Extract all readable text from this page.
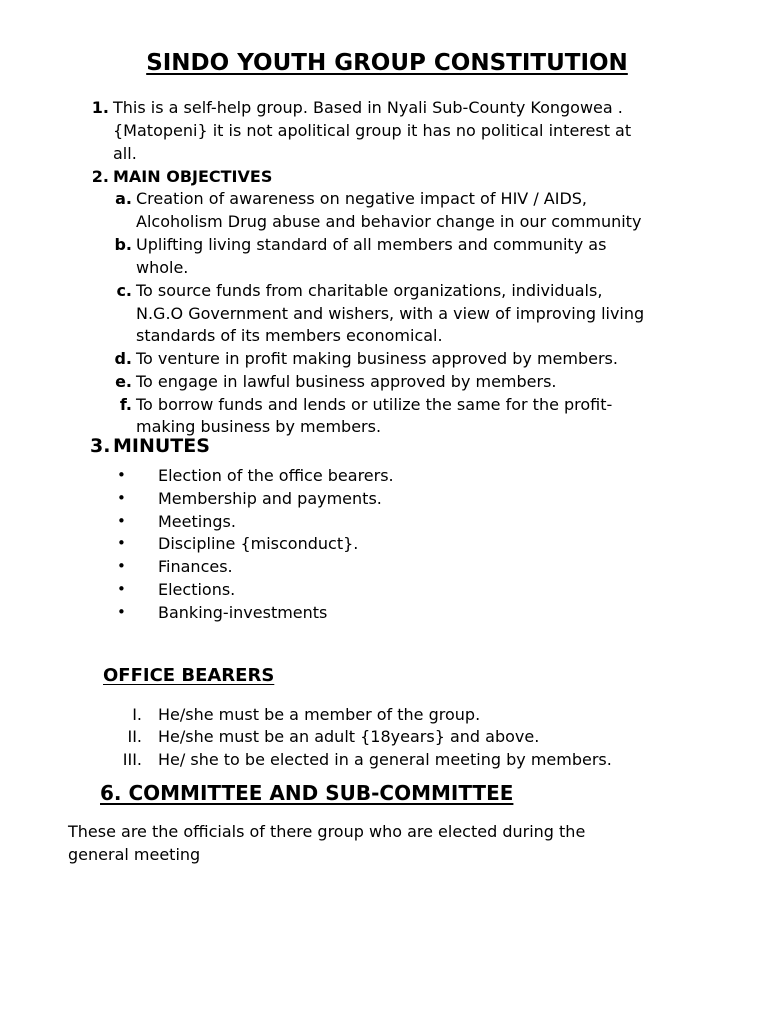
SINDO YOUTH GROUP CONSTITUTION
1. This is a self-help group. Based in Nyali Sub-County Kongowea .
{Matopeni} it is not apolitical group it has no political interest at
all.
2. MAIN OBJECTIVES
a. Creation of awareness on negative impact of HIV / AIDS,
Alcoholism Drug abuse and behavior change in our community
b. Uplifting living standard of all members and community as
whole.
c. To source funds from charitable organizations, individuals,
N.G.O Government and wishers, with a view of improving living
standards of its members economical.
d. To venture in profit making business approved by members.
e. To engage in lawful business approved by members.
f. To borrow funds and lends or utilize the same for the profit-
making business by members.
3. MINUTES
• Election of the office bearers.
• Membership and payments.
• Meetings.
• Discipline {misconduct}.
• Finances.
• Elections.
• Banking-investments
OFFICE BEARERS
I. He/she must be a member of the group.
II. He/she must be an adult {18years} and above.
III. He/ she to be elected in a general meeting by members.
6. COMMITTEE AND SUB-COMMITTEE
These are the officials of there group who are elected during the
general meeting
